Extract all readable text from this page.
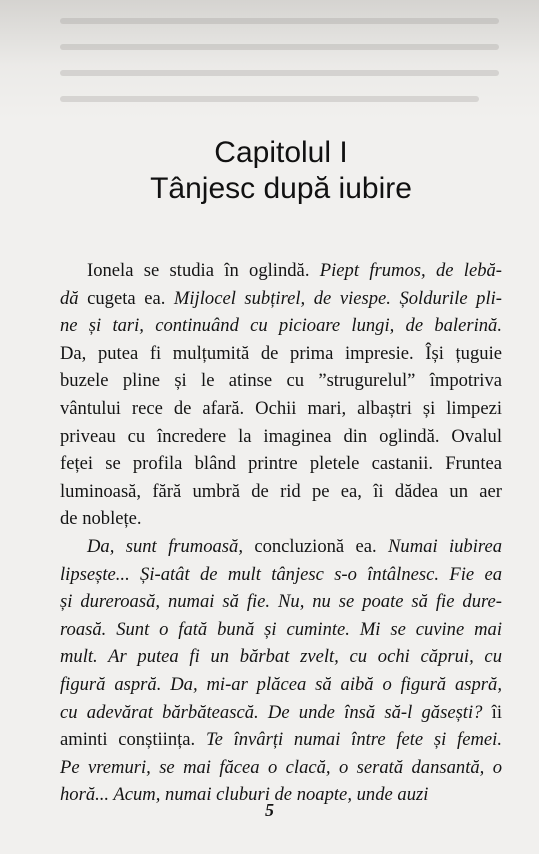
Capitolul I
Tânjesc după iubire

Ionela se studia în oglindă. Piept frumos, de lebă-

dă cugeta ea. Mijlocel subțirel, de viespe. Șoldurile pli-

ne și tari, continuând cu picioare lungi, de balerină.

Da, putea fi mulțumită de prima impresie. Își țuguie

buzele pline și le atinse cu ”strugurelul” împotriva

vântului rece de afară. Ochii mari, albaștri și limpezi

priveau cu încredere la imaginea din oglindă. Ovalul

feței se profila blând printre pletele castanii. Fruntea

luminoasă, fără umbră de rid pe ea, îi dădea un aer

de noblețe.

Da, sunt frumoasă, concluzionă ea. Numai iubirea

lipsește... Și-atât de mult tânjesc s-o întâlnesc. Fie ea

și dureroasă, numai să fie. Nu, nu se poate să fie dure-

roasă. Sunt o fată bună și cuminte. Mi se cuvine mai

mult. Ar putea fi un bărbat zvelt, cu ochi căprui, cu

figură aspră. Da, mi-ar plăcea să aibă o figură aspră,

cu adevărat bărbătească. De unde însă să-l găsești? îi

aminti conștiința. Te învârți numai între fete și femei.

Pe vremuri, se mai făcea o clacă, o serată dansantă, o

horă... Acum, numai cluburi de noapte, unde auzi

5
